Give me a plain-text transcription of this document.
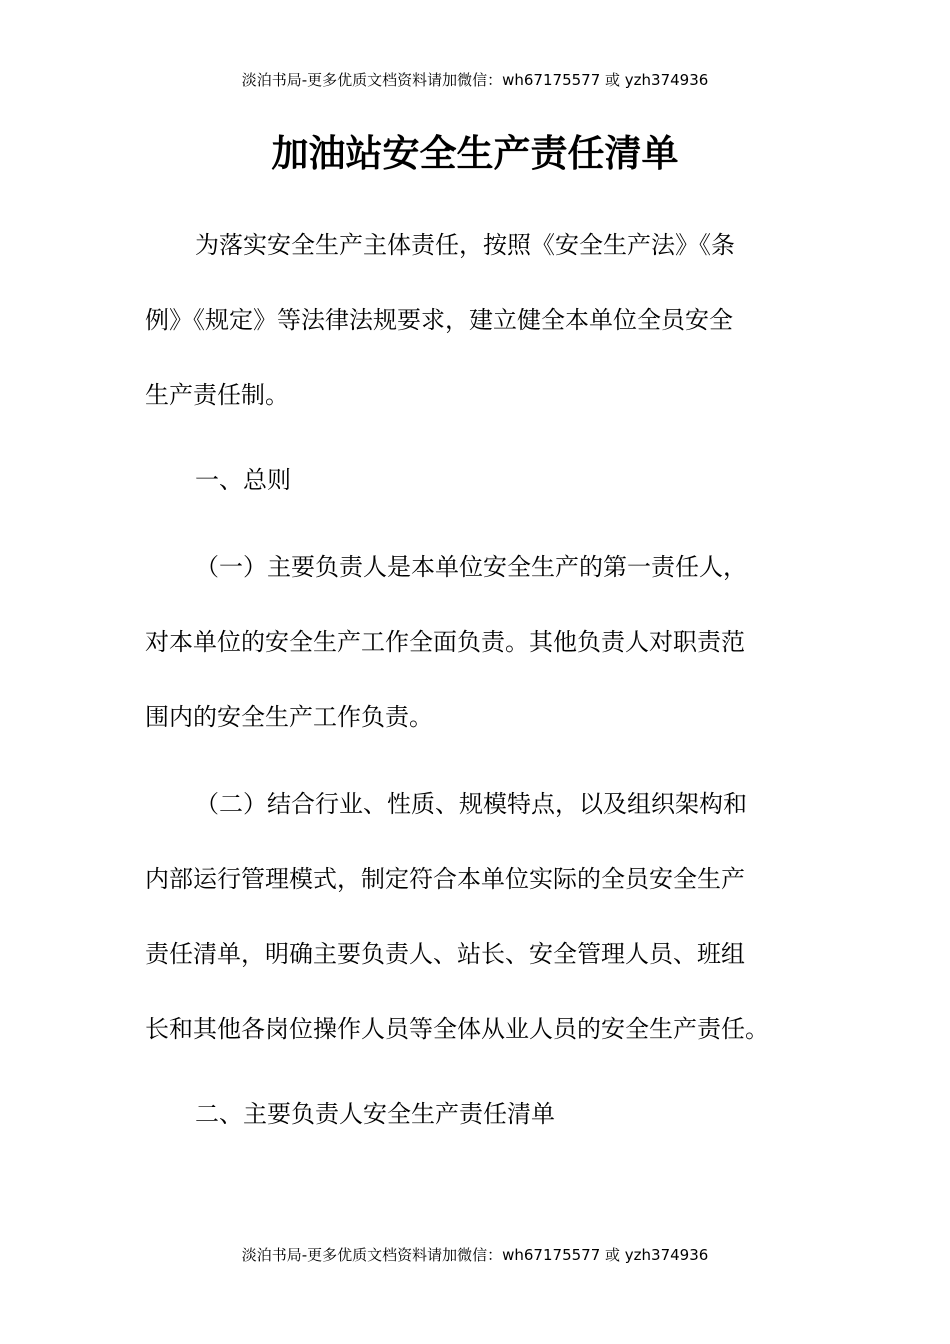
淡泊书局-更多优质文档资料请加微信：wh67175577 或 yzh374936
加油站安全生产责任清单
为落实安全生产主体责任，按照《安全生产法》《条
例》《规定》等法律法规要求，建立健全本单位全员安全
生产责任制。
一、总则
（一）主要负责人是本单位安全生产的第一责任人，
对本单位的安全生产工作全面负责。其他负责人对职责范
围内的安全生产工作负责。
（二）结合行业、性质、规模特点，以及组织架构和
内部运行管理模式，制定符合本单位实际的全员安全生产
责任清单，明确主要负责人、站长、安全管理人员、班组
长和其他各岗位操作人员等全体从业人员的安全生产责任。
二、主要负责人安全生产责任清单
淡泊书局-更多优质文档资料请加微信：wh67175577 或 yzh374936
